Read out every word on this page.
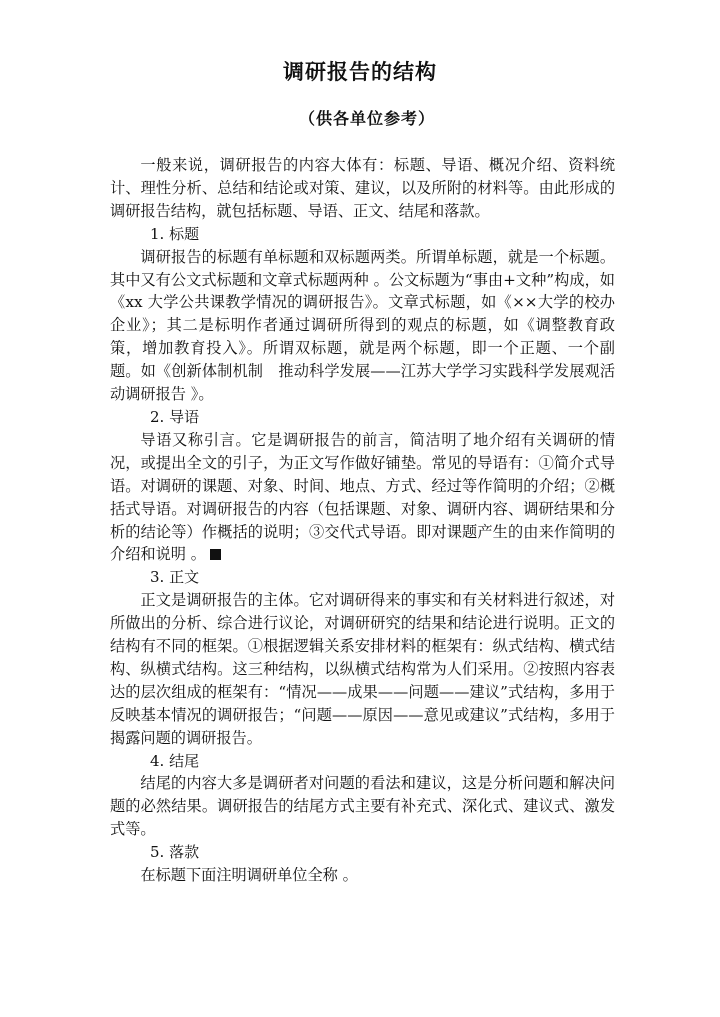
调研报告的结构
（供各单位参考）

一般来说，调研报告的内容大体有：标题、导语、概况介绍、资料统计、理性分析、总结和结论或对策、建议，以及所附的材料等。由此形成的调研报告结构，就包括标题、导语、正文、结尾和落款。

1. 标题

调研报告的标题有单标题和双标题两类。所谓单标题，就是一个标题。其中又有公文式标题和文章式标题两种 。公文标题为“事由+文种”构成，如《xx 大学公共课教学情况的调研报告》。文章式标题，如《××大学的校办企业》；其二是标明作者通过调研所得到的观点的标题，如《调整教育政策，增加教育投入》。所谓双标题，就是两个标题，即一个正题、一个副题。如《创新体制机制　推动科学发展——江苏大学学习实践科学发展观活动调研报告 》。

2. 导语

导语又称引言。它是调研报告的前言，简洁明了地介绍有关调研的情况，或提出全文的引子，为正文写作做好铺垫。常见的导语有：①简介式导语。对调研的课题、对象、时间、地点、方式、经过等作简明的介绍；②概括式导语。对调研报告的内容（包括课题、对象、调研内容、调研结果和分析的结论等）作概括的说明；③交代式导语。即对课题产生的由来作简明的介绍和说明 。

3. 正文

正文是调研报告的主体。它对调研得来的事实和有关材料进行叙述，对所做出的分析、综合进行议论，对调研研究的结果和结论进行说明。正文的结构有不同的框架。①根据逻辑关系安排材料的框架有：纵式结构、横式结构、纵横式结构。这三种结构，以纵横式结构常为人们采用。②按照内容表达的层次组成的框架有：“情况——成果——问题——建议”式结构，多用于反映基本情况的调研报告；“问题——原因——意见或建议”式结构，多用于揭露问题的调研报告。

4. 结尾

结尾的内容大多是调研者对问题的看法和建议，这是分析问题和解决问题的必然结果。调研报告的结尾方式主要有补充式、深化式、建议式、激发式等。

5. 落款

在标题下面注明调研单位全称 。
